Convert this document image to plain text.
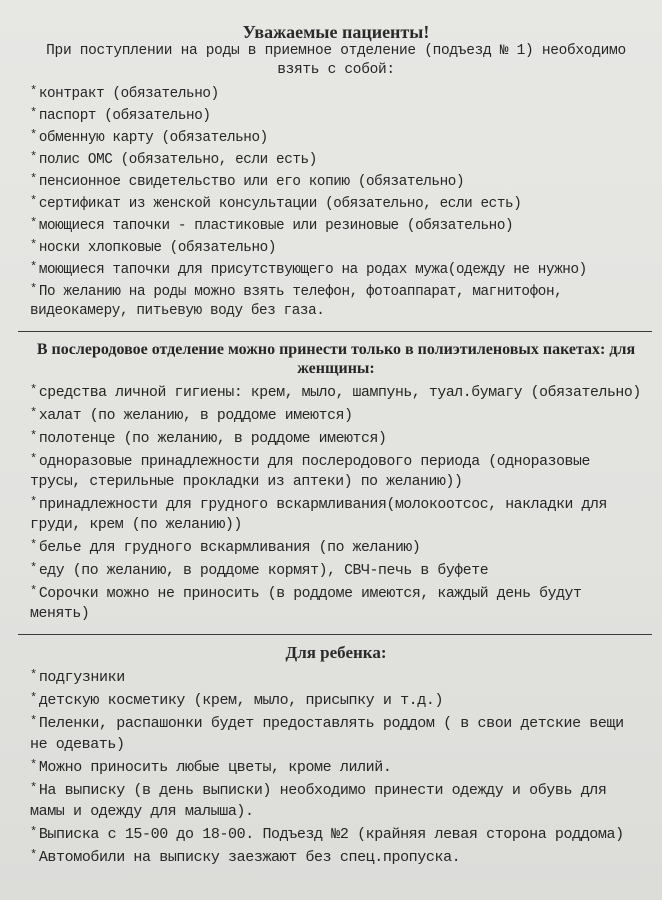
Уважаемые пациенты!
При поступлении на роды в приемное отделение (подъезд № 1) необходимо взять с собой:
* контракт (обязательно)
* паспорт (обязательно)
* обменную карту (обязательно)
* полис ОМС (обязательно, если есть)
* пенсионное свидетельство или его копию (обязательно)
* сертификат из женской консультации (обязательно, если есть)
* моющиеся тапочки - пластиковые или резиновые (обязательно)
* носки хлопковые (обязательно)
* моющиеся тапочки для присутствующего на родах мужа(одежду не нужно)
* По желанию на роды можно взять телефон, фотоаппарат, магнитофон, видеокамеру, питьевую воду без газа.
В послеродовое отделение можно принести только в полиэтиленовых пакетах: для женщины:
* средства личной гигиены: крем, мыло, шампунь, туал.бумагу (обязательно)
* халат (по желанию, в роддоме имеются)
* полотенце (по желанию, в роддоме имеются)
* одноразовые принадлежности для послеродового периода (одноразовые трусы, стерильные прокладки из аптеки) по желанию))
* принадлежности для грудного вскармливания(молокоотсос, накладки для груди, крем (по желанию))
* белье для грудного вскармливания (по желанию)
* еду (по желанию, в роддоме кормят), СВЧ-печь в буфете
* Сорочки можно не приносить (в роддоме имеются, каждый день будут менять)
Для ребенка:
* подгузники
* детскую косметику (крем, мыло, присыпку и т.д.)
* Пеленки, распашонки будет предоставлять роддом ( в свои детские вещи не одевать)
* Можно приносить любые цветы, кроме лилий.
* На выписку (в день выписки) необходимо принести одежду и обувь для мамы и одежду для малыша).
* Выписка с 15-00 до 18-00. Подъезд №2 (крайняя левая сторона роддома)
* Автомобили на выписку заезжают без спец.пропуска.
